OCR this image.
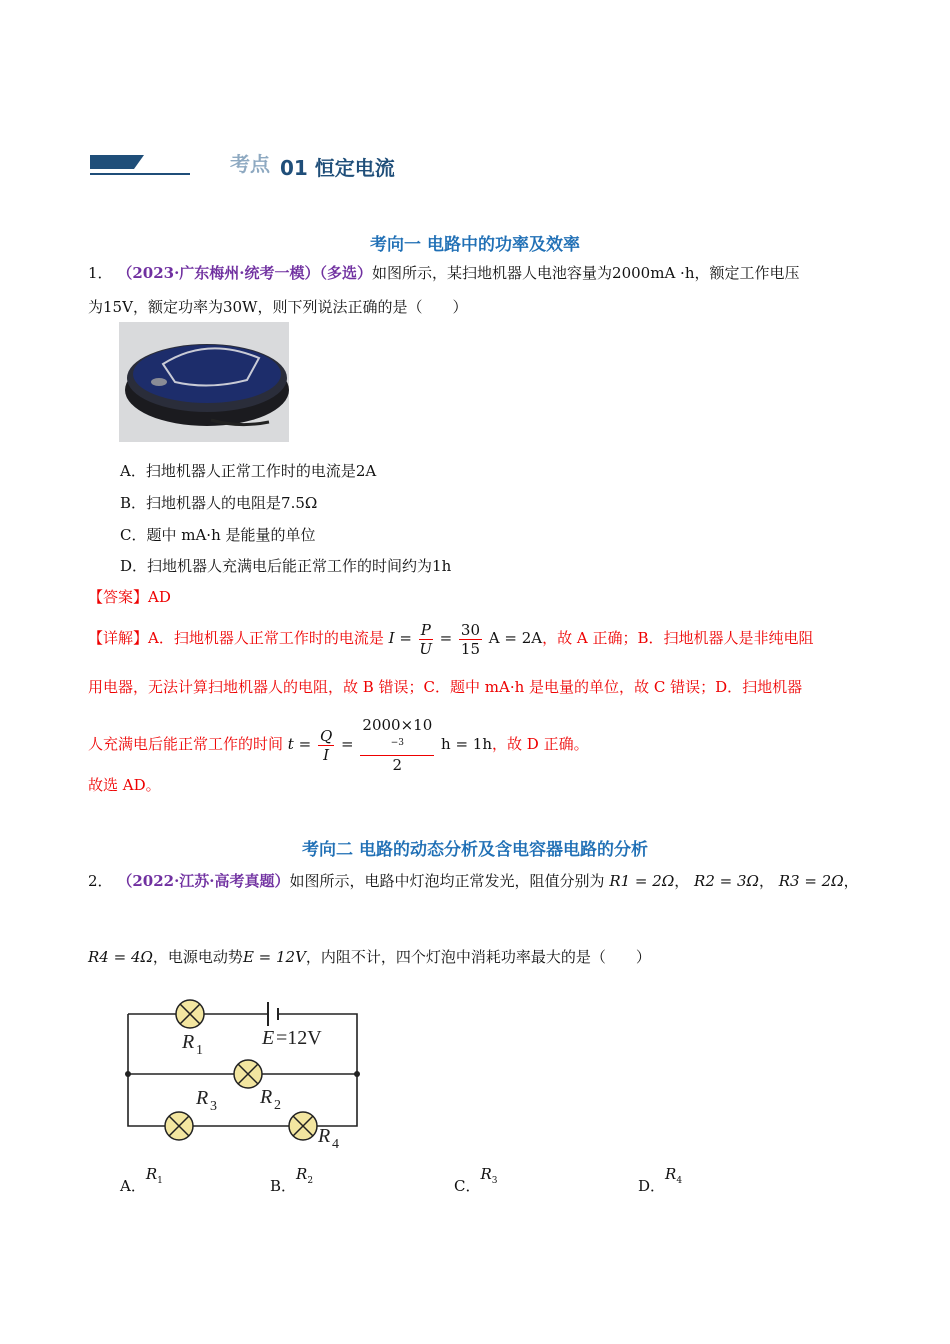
考点 01 恒定电流
考向一 电路中的功率及效率
1． （2023·广东梅州·统考一模）（多选）如图所示，某扫地机器人电池容量为2000mA ·h，额定工作电压
为15V，额定功率为30W，则下列说法正确的是（　　）
A．扫地机器人正常工作时的电流是2A
B．扫地机器人的电阻是7.5Ω
C．题中 mA·h 是能量的单位
D．扫地机器人充满电后能正常工作的时间约为1h
【答案】AD
【详解】A．扫地机器人正常工作时的电流是 $I = \frac{P}{U} = \frac{30}{15}$ A = 2A，故 A 正确；B．扫地机器人是非纯电阻
用电器，无法计算扫地机器人的电阻，故 B 错误；C．题中 mA·h 是电量的单位，故 C 错误；D．扫地机器
人充满电后能正常工作的时间 $t = \frac{Q}{I} = 2000\times 10$
$^{-3}$
2 h = 1h，故 D 正确。
故选 AD。
考向二 电路的动态分析及含电容器电路的分析
2． （2022·江苏·高考真题）如图所示，电路中灯泡均正常发光，阻值分别为 R1 = 2Ω， R2 = 3Ω， R3 = 2Ω，
R4 = 4Ω，电源电动势E = 12V，内阻不计，四个灯泡中消耗功率最大的是（　　）
R 1
E =12V
R 2
R 3
R 4
A．$R_1$	B．$R_2$	C．$R_3$	D．$R_4$
